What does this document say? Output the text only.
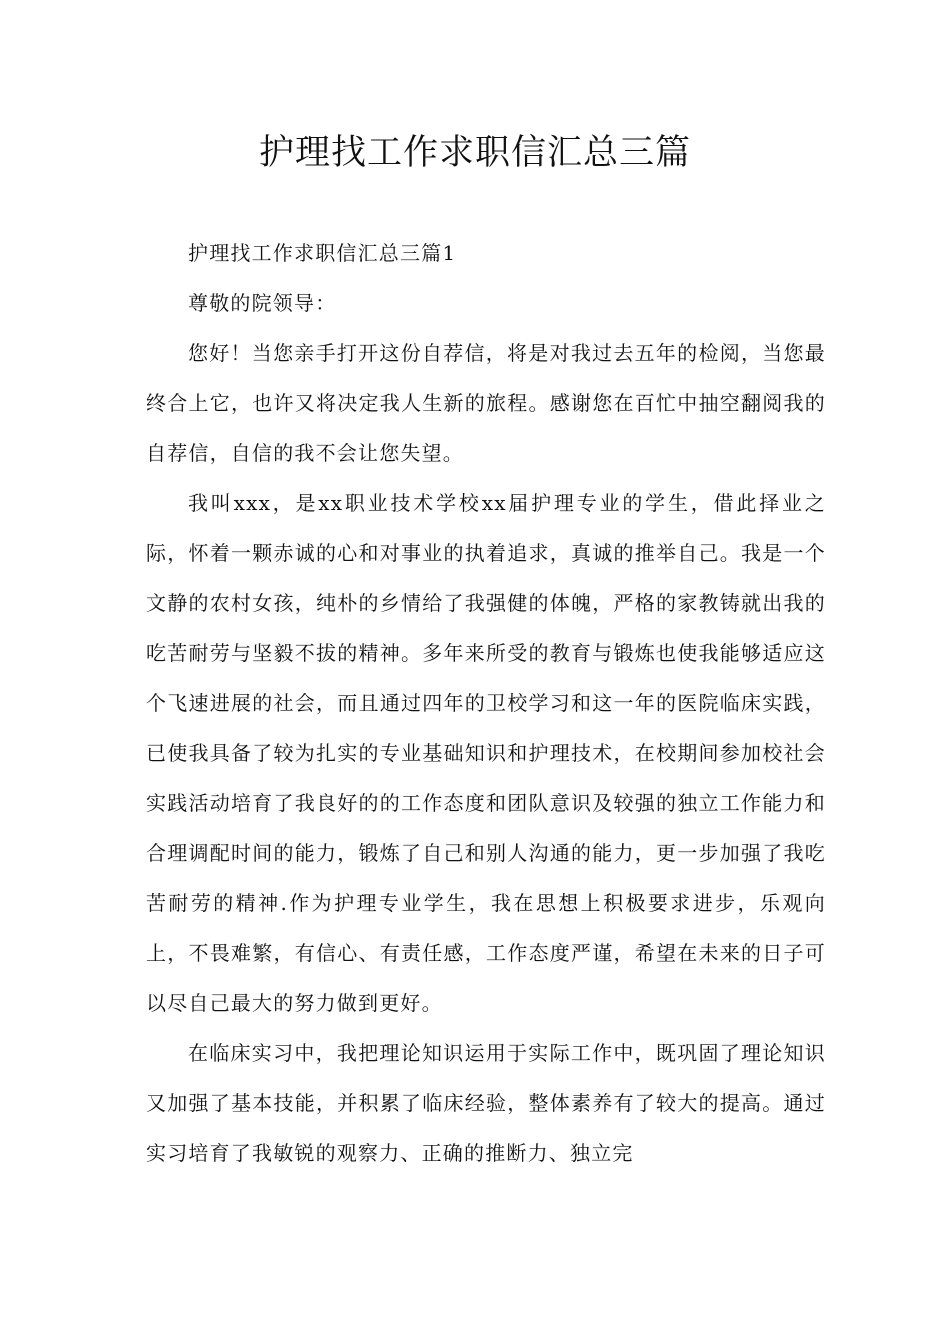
护理找工作求职信汇总三篇

护理找工作求职信汇总三篇1

尊敬的院领导：

您好！当您亲手打开这份自荐信，将是对我过去五年的检阅，当您最终合上它，也许又将决定我人生新的旅程。感谢您在百忙中抽空翻阅我的自荐信，自信的我不会让您失望。

我叫xxx，是xx职业技术学校xx届护理专业的学生，借此择业之际，怀着一颗赤诚的心和对事业的执着追求，真诚的推举自己。我是一个文静的农村女孩，纯朴的乡情给了我强健的体魄，严格的家教铸就出我的吃苦耐劳与坚毅不拔的精神。多年来所受的教育与锻炼也使我能够适应这个飞速进展的社会，而且通过四年的卫校学习和这一年的医院临床实践，已使我具备了较为扎实的专业基础知识和护理技术，在校期间参加校社会实践活动培育了我良好的的工作态度和团队意识及较强的独立工作能力和合理调配时间的能力，锻炼了自己和别人沟通的能力，更一步加强了我吃苦耐劳的精神.作为护理专业学生，我在思想上积极要求进步，乐观向上，不畏难繁，有信心、有责任感，工作态度严谨，希望在未来的日子可以尽自己最大的努力做到更好。

在临床实习中，我把理论知识运用于实际工作中，既巩固了理论知识又加强了基本技能，并积累了临床经验，整体素养有了较大的提高。通过实习培育了我敏锐的观察力、正确的推断力、独立完
